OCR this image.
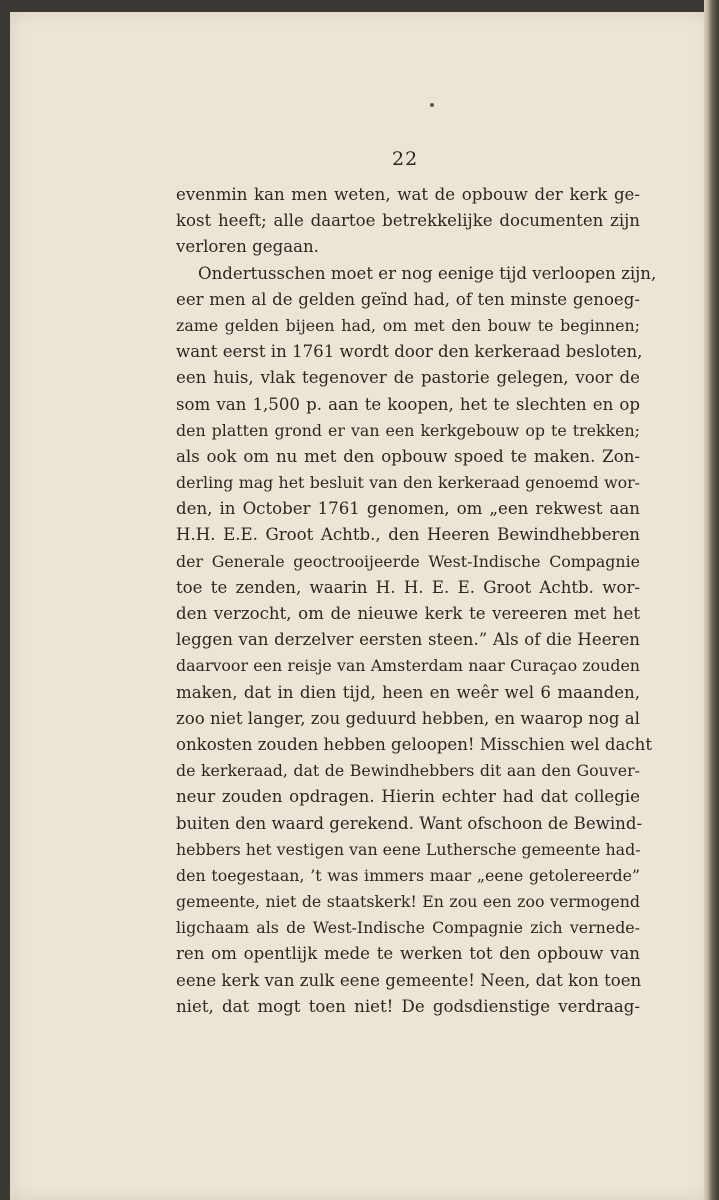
22
evenmin kan men weten, wat de opbouw der kerk ge-
kost heeft; alle daartoe betrekkelijke documenten zijn
verloren gegaan.
Ondertusschen moet er nog eenige tijd verloopen zijn,
eer men al de gelden geïnd had, of ten minste genoeg-
zame gelden bijeen had, om met den bouw te beginnen;
want eerst in 1761 wordt door den kerkeraad besloten,
een huis, vlak tegenover de pastorie gelegen, voor de
som van 1,500 p. aan te koopen, het te slechten en op
den platten grond er van een kerkgebouw op te trekken;
als ook om nu met den opbouw spoed te maken. Zon-
derling mag het besluit van den kerkeraad genoemd wor-
den, in October 1761 genomen, om „een rekwest aan
H.H. E.E. Groot Achtb., den Heeren Bewindhebberen
der Generale geoctrooijeerde West-Indische Compagnie
toe te zenden, waarin H. H. E. E. Groot Achtb. wor-
den verzocht, om de nieuwe kerk te vereeren met het
leggen van derzelver eersten steen.” Als of die Heeren
daarvoor een reisje van Amsterdam naar Curaçao zouden
maken, dat in dien tijd, heen en weêr wel 6 maanden,
zoo niet langer, zou geduurd hebben, en waarop nog al
onkosten zouden hebben geloopen! Misschien wel dacht
de kerkeraad, dat de Bewindhebbers dit aan den Gouver-
neur zouden opdragen. Hierin echter had dat collegie
buiten den waard gerekend. Want ofschoon de Bewind-
hebbers het vestigen van eene Luthersche gemeente had-
den toegestaan, ’t was immers maar „eene getolereerde”
gemeente, niet de staatskerk! En zou een zoo vermogend
ligchaam als de West-Indische Compagnie zich vernede-
ren om opentlijk mede te werken tot den opbouw van
eene kerk van zulk eene gemeente! Neen, dat kon toen
niet, dat mogt toen niet! De godsdienstige verdraag-
